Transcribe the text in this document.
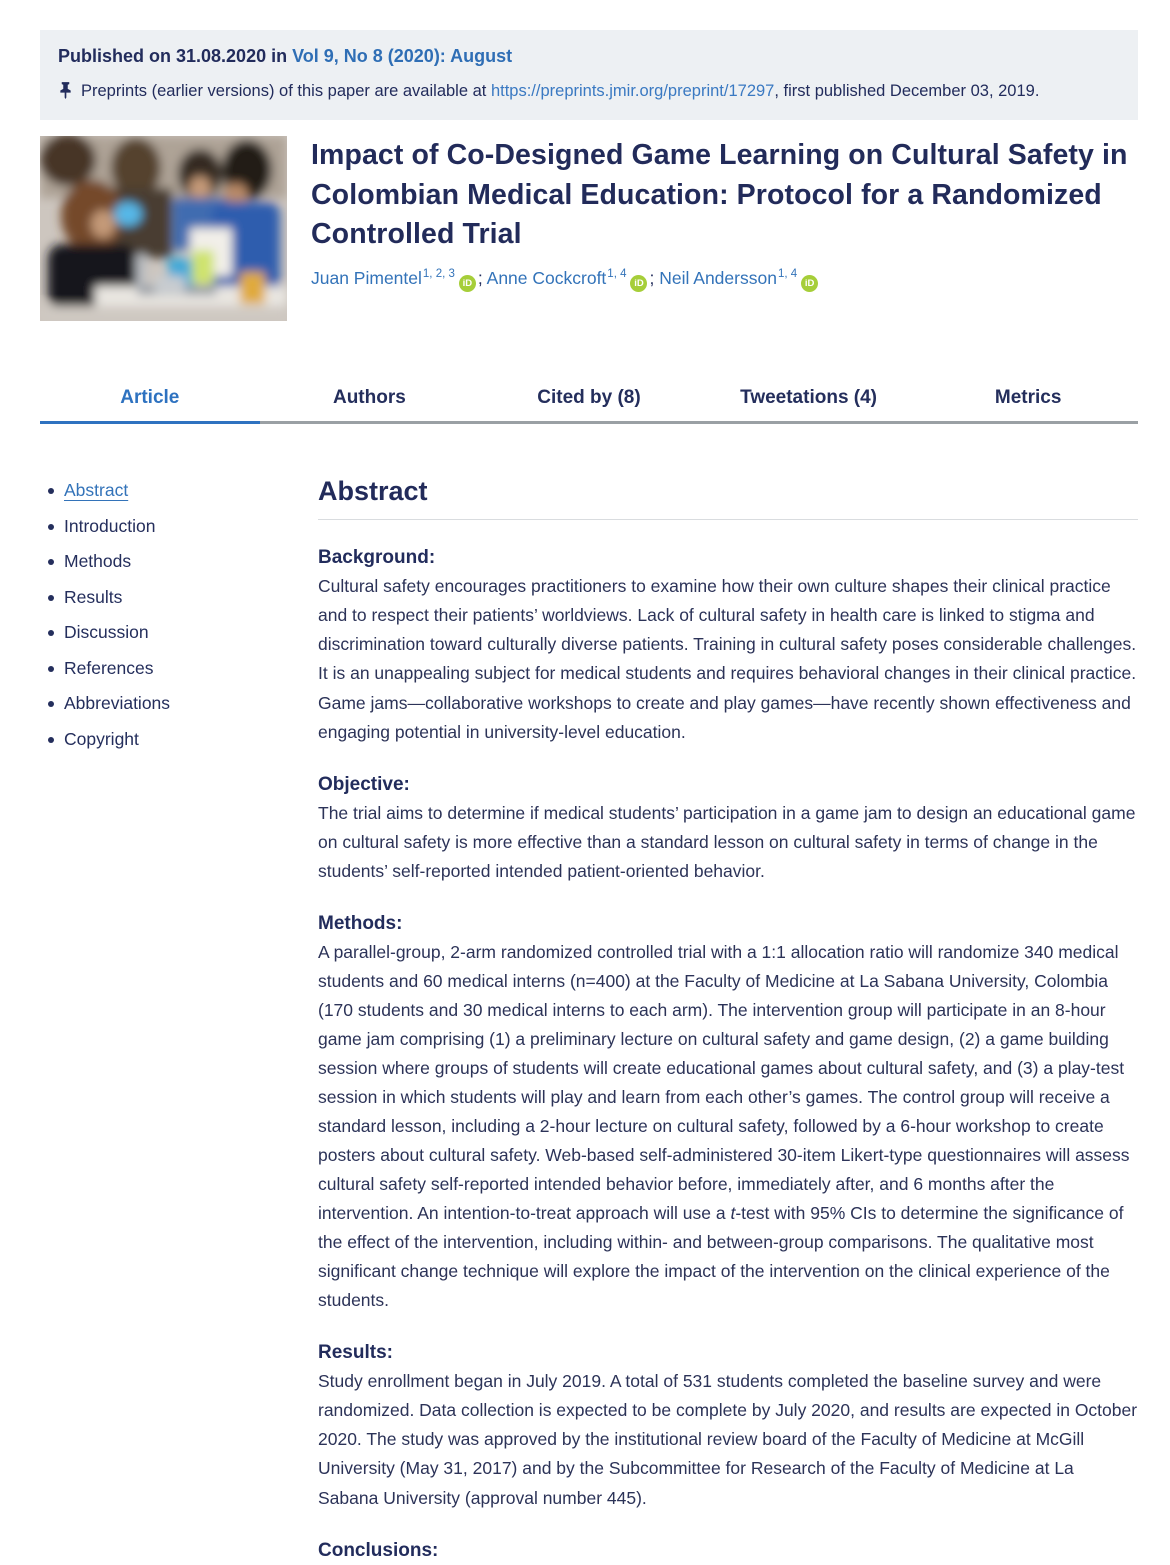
Published on 31.08.2020 in Vol 9, No 8 (2020): August
Preprints (earlier versions) of this paper are available at https://preprints.jmir.org/preprint/17297, first published December 03, 2019.
Impact of Co-Designed Game Learning on Cultural Safety in Colombian Medical Education: Protocol for a Randomized Controlled Trial
Juan Pimentel$^{1, 2, 3}$iD ; Anne Cockcroft$^{1, 4}$iD ; Neil Andersson$^{1, 4}$iD
Article	Authors	Cited by (8)	Tweetations (4)	Metrics
Abstract
Introduction
Methods
Results
Discussion
References
Abbreviations
Copyright
Abstract
Background:

Cultural safety encourages practitioners to examine how their own culture shapes their clinical practice and to respect their patients’ worldviews. Lack of cultural safety in health care is linked to stigma and discrimination toward culturally diverse patients. Training in cultural safety poses considerable challenges. It is an unappealing subject for medical students and requires behavioral changes in their clinical practice. Game jams—collaborative workshops to create and play games—have recently shown effectiveness and engaging potential in university-level education.

Objective:

The trial aims to determine if medical students’ participation in a game jam to design an educational game on cultural safety is more effective than a standard lesson on cultural safety in terms of change in the students’ self-reported intended patient-oriented behavior.

Methods:

A parallel-group, 2-arm randomized controlled trial with a 1:1 allocation ratio will randomize 340 medical students and 60 medical interns (n=400) at the Faculty of Medicine at La Sabana University, Colombia (170 students and 30 medical interns to each arm). The intervention group will participate in an 8-hour game jam comprising (1) a preliminary lecture on cultural safety and game design, (2) a game building session where groups of students will create educational games about cultural safety, and (3) a play-test session in which students will play and learn from each other’s games. The control group will receive a standard lesson, including a 2-hour lecture on cultural safety, followed by a 6-hour workshop to create posters about cultural safety. Web-based self-administered 30-item Likert-type questionnaires will assess cultural safety self-reported intended behavior before, immediately after, and 6 months after the intervention. An intention-to-treat approach will use a t-test with 95% CIs to determine the significance of the effect of the intervention, including within- and between-group comparisons. The qualitative most significant change technique will explore the impact of the intervention on the clinical experience of the students.

Results:

Study enrollment began in July 2019. A total of 531 students completed the baseline survey and were randomized. Data collection is expected to be complete by July 2020, and results are expected in October 2020. The study was approved by the institutional review board of the Faculty of Medicine at McGill University (May 31, 2017) and by the Subcommittee for Research of the Faculty of Medicine at La Sabana University (approval number 445).

Conclusions:
